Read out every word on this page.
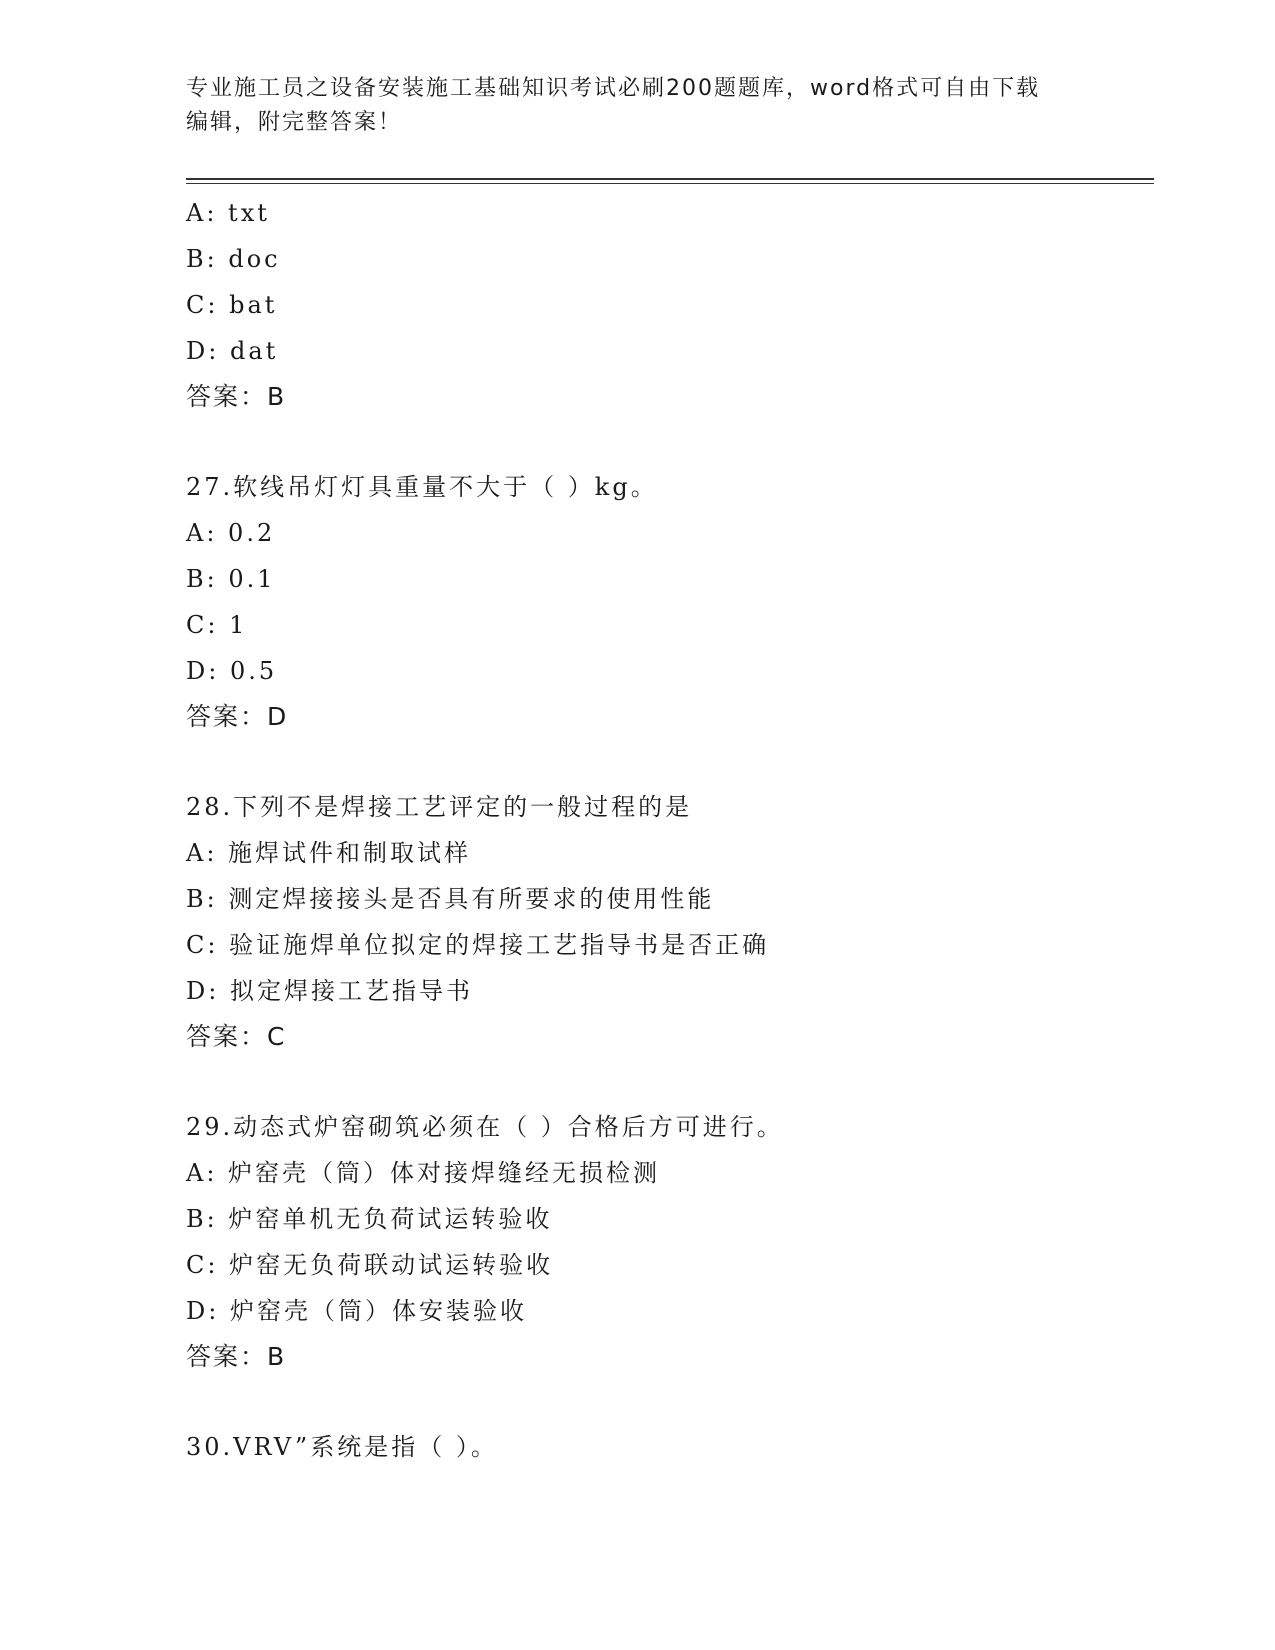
专业施工员之设备安装施工基础知识考试必刷200题题库，word格式可自由下载
编辑，附完整答案！
A: txt
B: doc
C: bat
D: dat
答案：B
27.软线吊灯灯具重量不大于（ ）kg。
A: 0.2
B: 0.1
C: 1
D: 0.5
答案：D
28.下列不是焊接工艺评定的一般过程的是
A: 施焊试件和制取试样
B: 测定焊接接头是否具有所要求的使用性能
C: 验证施焊单位拟定的焊接工艺指导书是否正确
D: 拟定焊接工艺指导书
答案：C
29.动态式炉窑砌筑必须在（ ）合格后方可进行。
A: 炉窑壳（筒）体对接焊缝经无损检测
B: 炉窑单机无负荷试运转验收
C: 炉窑无负荷联动试运转验收
D: 炉窑壳（筒）体安装验收
答案：B
30.VRV”系统是指（ ）。
